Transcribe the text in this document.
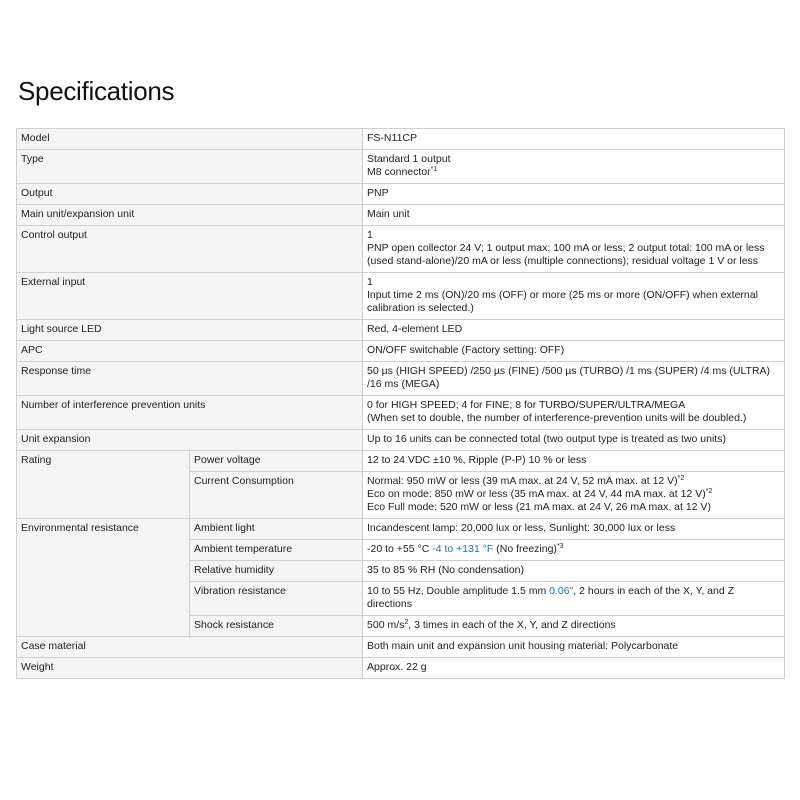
Specifications
Model		FS-N11CP
Type		Standard 1 output
M8 connector$^{*1}$

Output		PNP
Main unit/expansion unit		Main unit
Control output		1
PNP open collector 24 V; 1 output max: 100 mA or less; 2 output total: 100 mA or less (used stand-alone)/20 mA or less (multiple connections); residual voltage 1 V or less

External input		1
Input time 2 ms (ON)/20 ms (OFF) or more (25 ms or more (ON/OFF) when external calibration is selected.)

Light source LED		Red, 4-element LED
APC		ON/OFF switchable (Factory setting: OFF)
Response time		50 µs (HIGH SPEED) /250 µs (FINE) /500 µs (TURBO) /1 ms (SUPER) /4 ms (ULTRA) /16 ms (MEGA)
Number of interference prevention units		0 for HIGH SPEED; 4 for FINE; 8 for TURBO/SUPER/ULTRA/MEGA
(When set to double, the number of interference-prevention units will be doubled.)

Unit expansion		Up to 16 units can be connected total (two output type is treated as two units)
Rating	Power voltage	12 to 24 VDC ±10 %, Ripple (P-P) 10 % or less
	Current Consumption	Normal: 950 mW or less (39 mA max. at 24 V, 52 mA max. at 12 V)$^{*2}$
Eco on mode: 850 mW or less (35 mA max. at 24 V, 44 mA max. at 12 V)$^{*2}$
Eco Full mode: 520 mW or less (21 mA max. at 24 V, 26 mA max. at 12 V)

Environmental resistance	Ambient light	Incandescent lamp: 20,000 lux or less, Sunlight: 30,000 lux or less
	Ambient temperature	-20 to +55 °C -4 to +131 °F (No freezing)$^{*3}$
	Relative humidity	35 to 85 % RH (No condensation)
	Vibration resistance	10 to 55 Hz, Double amplitude 1.5 mm 0.06", 2 hours in each of the X, Y, and Z directions
	Shock resistance	500 $m/s^2$, 3 times in each of the X, Y, and Z directions
Case material		Both main unit and expansion unit housing material: Polycarbonate
Weight		Approx. 22 g
